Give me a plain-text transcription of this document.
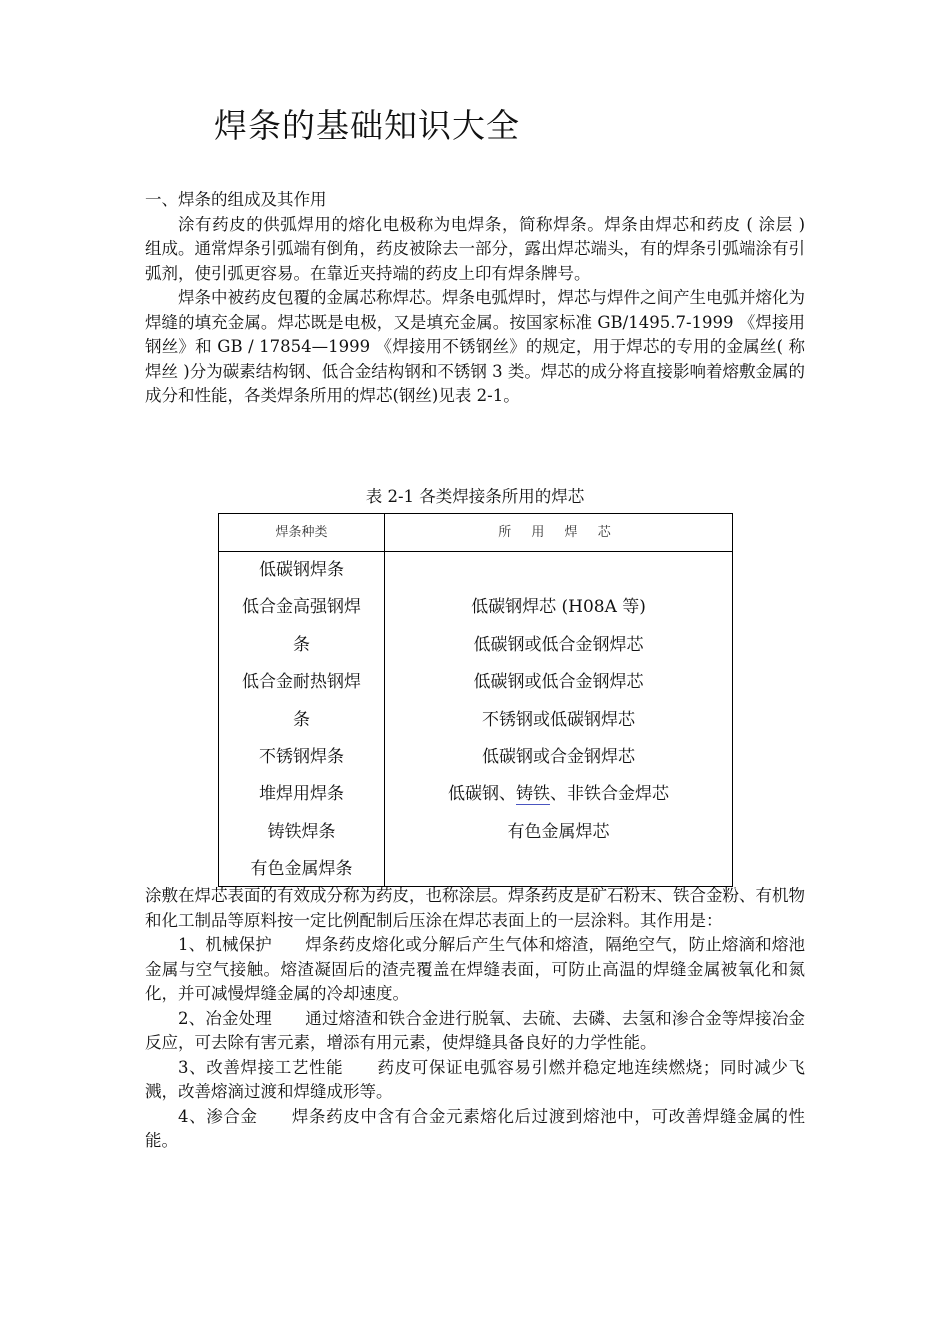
焊条的基础知识大全

一、焊条的组成及其作用

涂有药皮的供弧焊用的熔化电极称为电焊条，简称焊条。焊条由焊芯和药皮 ( 涂层 ) 组成。通常焊条引弧端有倒角，药皮被除去一部分，露出焊芯端头，有的焊条引弧端涂有引弧剂，使引弧更容易。在靠近夹持端的药皮上印有焊条牌号。

焊条中被药皮包覆的金属芯称焊芯。焊条电弧焊时，焊芯与焊件之间产生电弧并熔化为焊缝的填充金属。焊芯既是电极，又是填充金属。按国家标准 GB/1495.7-1999 《焊接用钢丝》和 GB / 17854—1999 《焊接用不锈钢丝》的规定，用于焊芯的专用的金属丝( 称焊丝 )分为碳素结构钢、低合金结构钢和不锈钢 3 类。焊芯的成分将直接影响着熔敷金属的成分和性能，各类焊条所用的焊芯(钢丝)见表 2-1。

表 2-1 各类焊接条所用的焊芯
焊条种类	所 用 焊 芯
低碳钢焊条
低合金高强钢焊
条
低合金耐热钢焊
条
不锈钢焊条
堆焊用焊条
铸铁焊条
有色金属焊条
低碳钢焊芯 (H08A 等)
低碳钢或低合金钢焊芯
低碳钢或低合金钢焊芯
不锈钢或低碳钢焊芯
低碳钢或合金钢焊芯
低碳钢、铸铁、非铁合金焊芯
有色金属焊芯

涂敷在焊芯表面的有效成分称为药皮，也称涂层。焊条药皮是矿石粉末、铁合金粉、有机物和化工制品等原料按一定比例配制后压涂在焊芯表面上的一层涂料。其作用是：

1、机械保护　　焊条药皮熔化或分解后产生气体和熔渣，隔绝空气，防止熔滴和熔池金属与空气接触。熔渣凝固后的渣壳覆盖在焊缝表面，可防止高温的焊缝金属被氧化和氮化，并可减慢焊缝金属的冷却速度。

2、冶金处理　　通过熔渣和铁合金进行脱氧、去硫、去磷、去氢和渗合金等焊接冶金反应，可去除有害元素，增添有用元素，使焊缝具备良好的力学性能。

3、改善焊接工艺性能　　药皮可保证电弧容易引燃并稳定地连续燃烧；同时减少飞溅，改善熔滴过渡和焊缝成形等。

4、渗合金　　焊条药皮中含有合金元素熔化后过渡到熔池中，可改善焊缝金属的性能。
